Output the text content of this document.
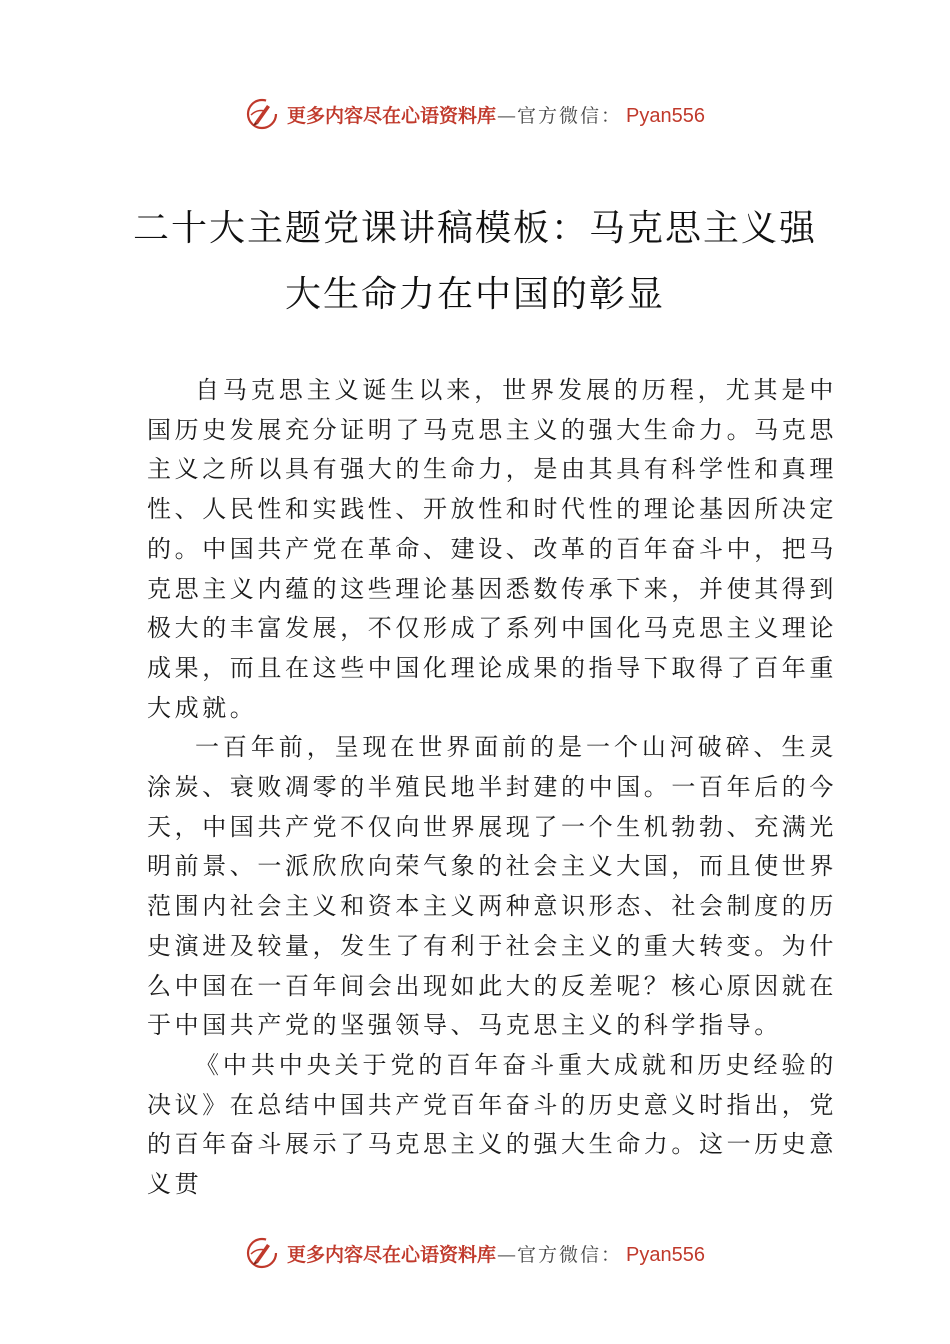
更多内容尽在心语资料库 — 官方微信： Pyan556
二十大主题党课讲稿模板：马克思主义强
大生命力在中国的彰显

自马克思主义诞生以来，世界发展的历程，尤其是中国历史发展充分证明了马克思主义的强大生命力。马克思主义之所以具有强大的生命力，是由其具有科学性和真理性、人民性和实践性、开放性和时代性的理论基因所决定的。中国共产党在革命、建设、改革的百年奋斗中，把马克思主义内蕴的这些理论基因悉数传承下来，并使其得到极大的丰富发展，不仅形成了系列中国化马克思主义理论成果，而且在这些中国化理论成果的指导下取得了百年重大成就。

一百年前，呈现在世界面前的是一个山河破碎、生灵涂炭、衰败凋零的半殖民地半封建的中国。一百年后的今天，中国共产党不仅向世界展现了一个生机勃勃、充满光明前景、一派欣欣向荣气象的社会主义大国，而且使世界范围内社会主义和资本主义两种意识形态、社会制度的历史演进及较量，发生了有利于社会主义的重大转变。为什么中国在一百年间会出现如此大的反差呢？核心原因就在于中国共产党的坚强领导、马克思主义的科学指导。

《中共中央关于党的百年奋斗重大成就和历史经验的决议》在总结中国共产党百年奋斗的历史意义时指出，党的百年奋斗展示了马克思主义的强大生命力。这一历史意义贯

更多内容尽在心语资料库 — 官方微信： Pyan556
